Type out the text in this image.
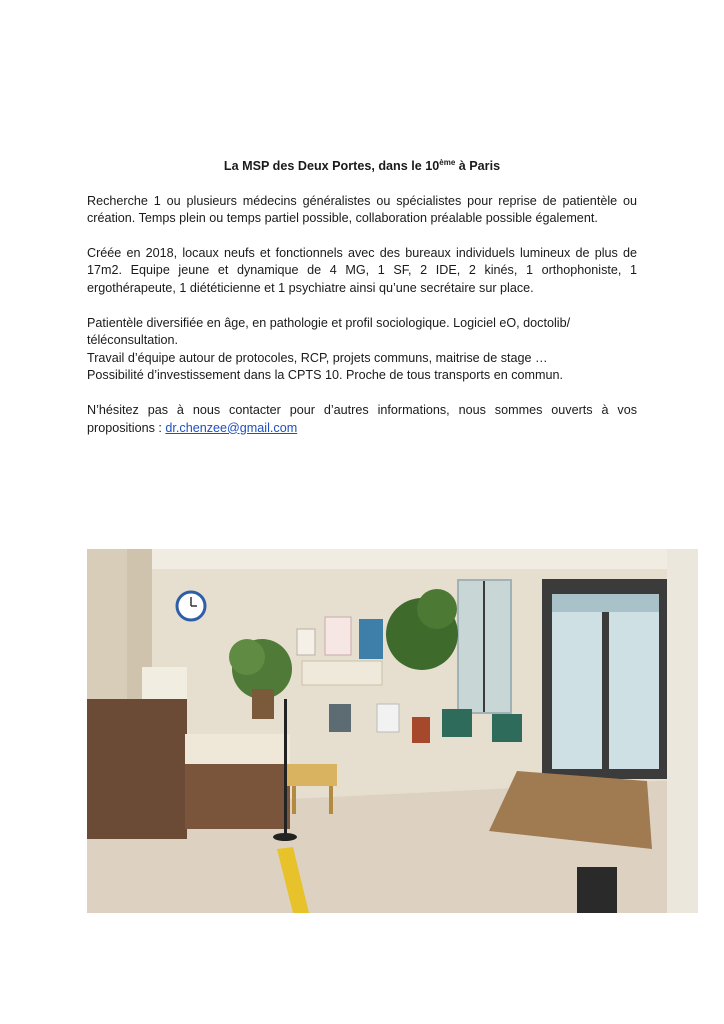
La MSP des Deux Portes, dans le 10ème à Paris

Recherche 1 ou plusieurs médecins généralistes ou spécialistes pour reprise de patientèle ou création. Temps plein ou temps partiel possible, collaboration préalable possible également.

Créée en 2018, locaux neufs et fonctionnels avec des bureaux individuels lumineux de plus de 17m2. Equipe jeune et dynamique de 4 MG, 1 SF, 2 IDE, 2 kinés, 1 orthophoniste, 1 ergothérapeute, 1 diététicienne et 1 psychiatre ainsi qu’une secrétaire sur place.

Patientèle diversifiée en âge, en pathologie et profil sociologique. Logiciel eO, doctolib/ téléconsultation.
Travail d’équipe autour de protocoles, RCP, projets communs, maitrise de stage …
Possibilité d’investissement dans la CPTS 10. Proche de tous transports en commun.

N’hésitez pas à nous contacter pour d’autres informations, nous sommes ouverts à vos propositions : dr.chenzee@gmail.com
